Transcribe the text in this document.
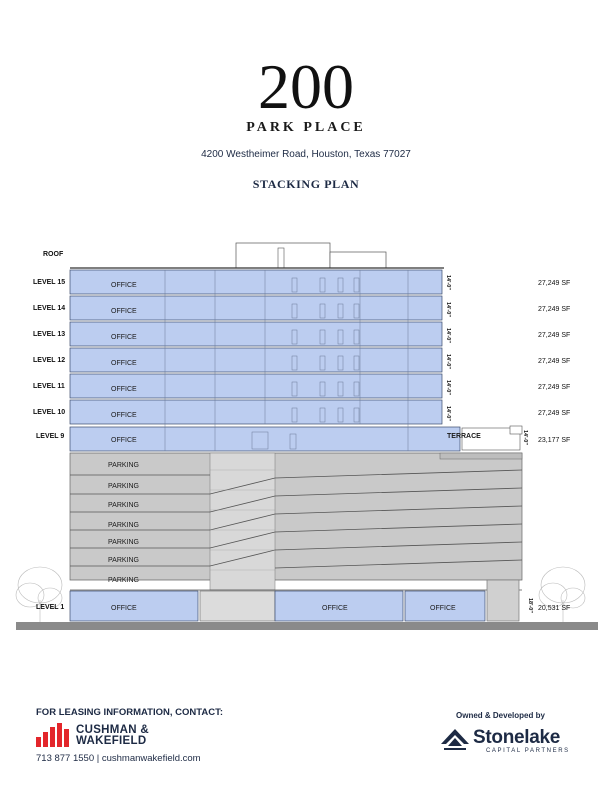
200
PARK PLACE
4200 Westheimer Road, Houston, Texas 77027
STACKING PLAN
ROOF
LEVEL 15
LEVEL 14
LEVEL 13
LEVEL 12
LEVEL 11
LEVEL 10
LEVEL 9
LEVEL 1
OFFICE
OFFICE
OFFICE
OFFICE
OFFICE
OFFICE
OFFICE
TERRACE
PARKING
PARKING
PARKING
PARKING
PARKING
PARKING
PARKING
OFFICE	OFFICE	OFFICE
14'-0"
14'-0"
14'-0"
14'-0"
14'-0"
14'-0"
14'-0"
18'-0"
27,249 SF
27,249 SF
27,249 SF
27,249 SF
27,249 SF
27,249 SF
23,177 SF
20,531 SF
FOR LEASING INFORMATION, CONTACT:
CUSHMAN &
WAKEFIELD
713 877 1550 | cushmanwakefield.com
Owned & Developed by
Stonelake
CAPITAL PARTNERS
